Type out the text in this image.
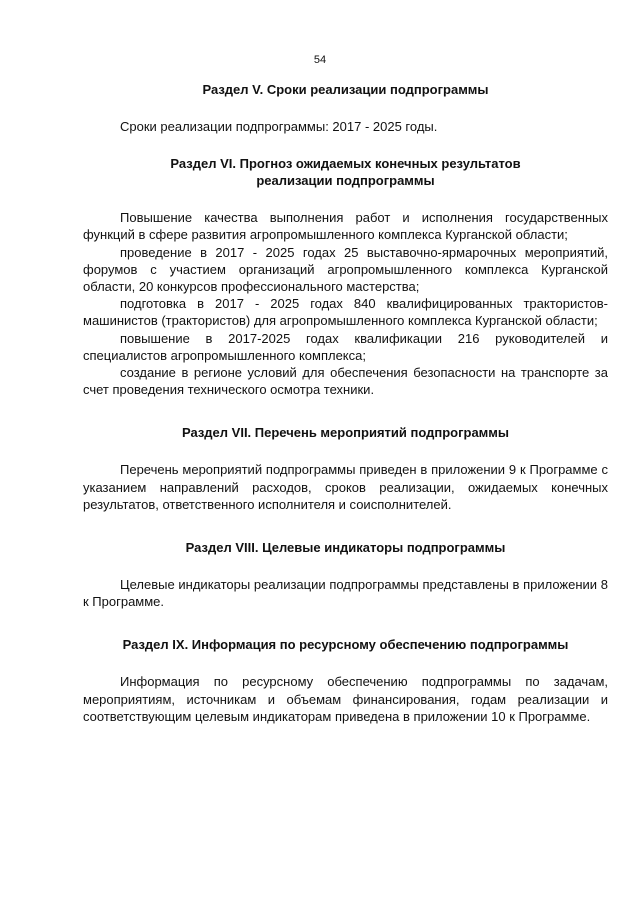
54
Раздел V. Сроки реализации подпрограммы

Сроки реализации подпрограммы: 2017 - 2025 годы.

Раздел VI. Прогноз ожидаемых конечных результатов
реализации подпрограммы

Повышение качества выполнения работ и исполнения государственных функций в сфере развития агропромышленного комплекса Курганской области;

проведение в 2017 - 2025 годах 25 выставочно-ярмарочных мероприятий, форумов с участием организаций агропромышленного комплекса Курганской области, 20 конкурсов профессионального мастерства;

подготовка в 2017 - 2025 годах 840 квалифицированных трактористов-машинистов (трактористов) для агропромышленного комплекса Курганской области;

повышение в 2017-2025 годах квалификации 216 руководителей и специалистов агропромышленного комплекса;

создание в регионе условий для обеспечения безопасности на транспорте за счет проведения технического осмотра техники.

Раздел VII. Перечень мероприятий подпрограммы

Перечень мероприятий подпрограммы приведен в приложении 9 к Программе с указанием направлений расходов, сроков реализации, ожидаемых конечных результатов, ответственного исполнителя и соисполнителей.

Раздел VIII. Целевые индикаторы подпрограммы

Целевые индикаторы реализации подпрограммы представлены в приложении 8 к Программе.

Раздел IX. Информация по ресурсному обеспечению подпрограммы

Информация по ресурсному обеспечению подпрограммы по задачам, мероприятиям, источникам и объемам финансирования, годам реализации и соответствующим целевым индикаторам приведена в приложении 10 к Программе.
